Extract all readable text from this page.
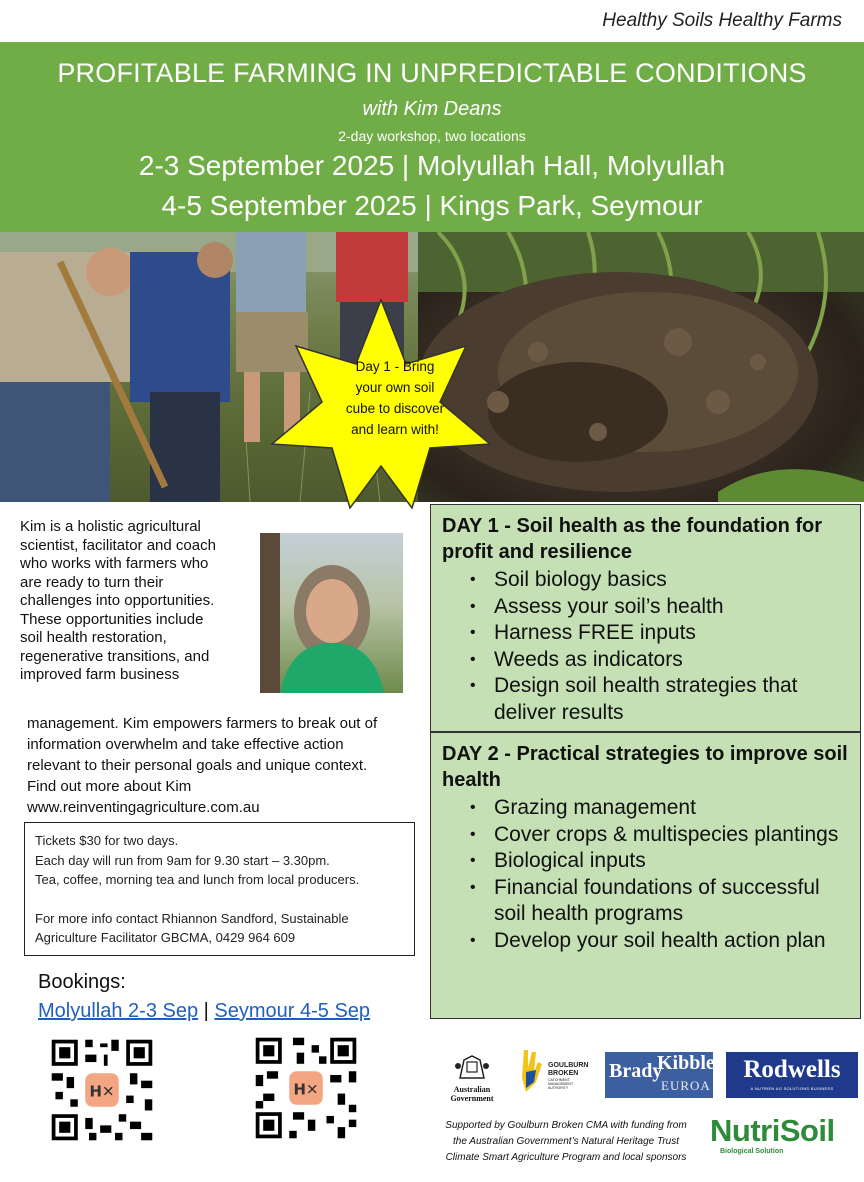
Healthy Soils Healthy Farms
PROFITABLE FARMING IN UNPREDICTABLE CONDITIONS
with Kim Deans
2-day workshop, two locations
2-3 September 2025 | Molyullah Hall, Molyullah
4-5 September 2025 | Kings Park, Seymour
Day 1 - Bring
your own soil
cube to discover
and learn with!
Kim is a holistic agricultural
scientist, facilitator and coach
who works with farmers who
are ready to turn their
challenges into opportunities.
These opportunities include
soil health restoration,
regenerative transitions, and
improved farm business
management. Kim empowers farmers to break out of
information overwhelm and take effective action
relevant to their personal goals and unique context.
Find out more about Kim
www.reinventingagriculture.com.au
Tickets $30 for two days.
Each day will run from 9am for 9.30 start – 3.30pm.
Tea, coffee, morning tea and lunch from local producers.
For more info contact Rhiannon Sandford, Sustainable
Agriculture Facilitator GBCMA, 0429 964 609
Bookings:
Molyullah 2-3 Sep | Seymour 4-5 Sep
H✕	H✕
DAY 1 - Soil health as the foundation for profit and resilience
• Soil biology basics
• Assess your soil’s health
• Harness FREE inputs
• Weeds as indicators
• Design soil health strategies that deliver results
DAY 2 - Practical strategies to improve soil health
• Grazing management
• Cover crops & multispecies plantings
• Biological inputs
• Financial foundations of successful soil health programs
• Develop your soil health action plan
Australian Government
GOULBURN
BROKEN
CATCHMENT MANAGEMENT AUTHORITY
Brady
Kibble
EUROA
Rodwells
A NUTRIEN AG SOLUTIONS BUSINESS
Supported by Goulburn Broken CMA with funding from
the Australian Government’s Natural Heritage Trust
Climate Smart Agriculture Program and local sponsors
NutriSoil
Biological Solution
